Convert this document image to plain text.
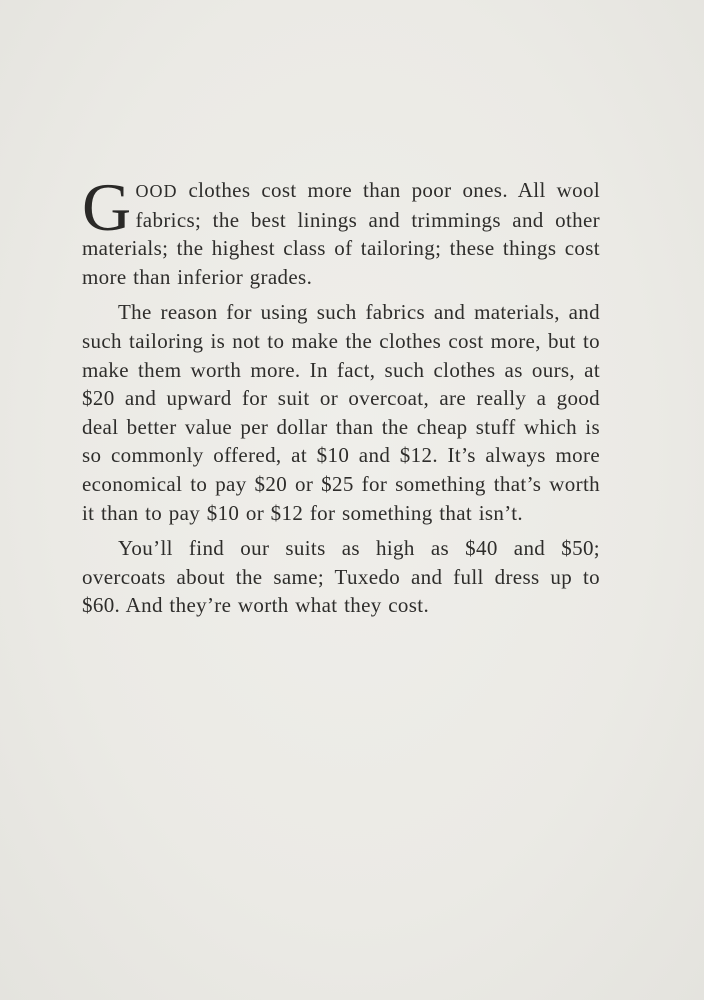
GOOD clothes cost more than poor ones. All wool fabrics; the best linings and trimmings and other materials; the highest class of tailoring; these things cost more than inferior grades.

The reason for using such fabrics and materials, and such tailoring is not to make the clothes cost more, but to make them worth more. In fact, such clothes as ours, at $20 and upward for suit or overcoat, are really a good deal better value per dollar than the cheap stuff which is so commonly offered, at $10 and $12. It’s always more economical to pay $20 or $25 for something that’s worth it than to pay $10 or $12 for something that isn’t.

You’ll find our suits as high as $40 and $50; overcoats about the same; Tuxedo and full dress up to $60. And they’re worth what they cost.
